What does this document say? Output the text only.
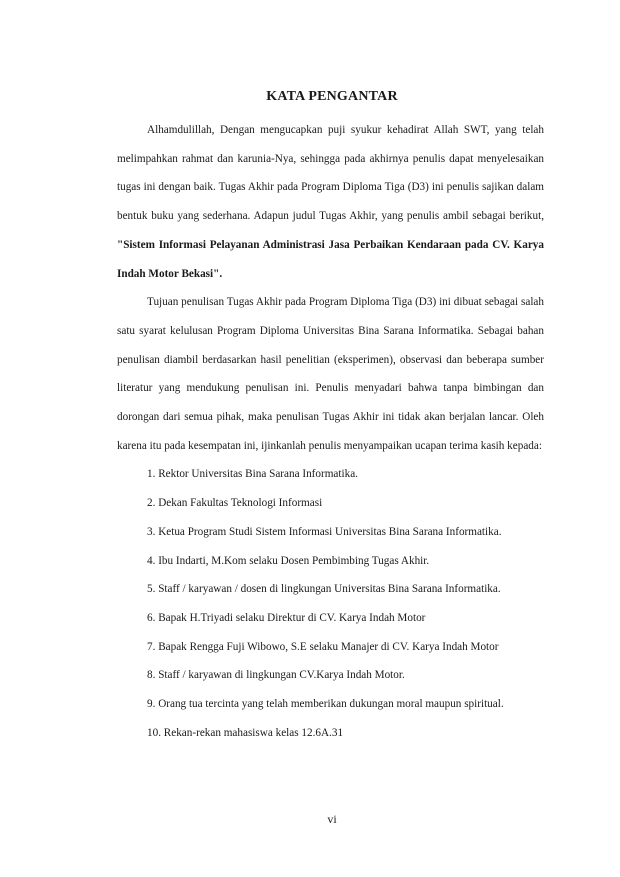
KATA PENGANTAR

Alhamdulillah, Dengan mengucapkan puji syukur kehadirat Allah SWT, yang telah melimpahkan rahmat dan karunia-Nya, sehingga pada akhirnya penulis dapat menyelesaikan tugas ini dengan baik. Tugas Akhir pada Program Diploma Tiga (D3) ini penulis sajikan dalam bentuk buku yang sederhana. Adapun judul Tugas Akhir, yang penulis ambil sebagai berikut, "Sistem Informasi Pelayanan Administrasi Jasa Perbaikan Kendaraan pada CV. Karya Indah Motor Bekasi".

Tujuan penulisan Tugas Akhir pada Program Diploma Tiga (D3) ini dibuat sebagai salah satu syarat kelulusan Program Diploma Universitas Bina Sarana Informatika. Sebagai bahan penulisan diambil berdasarkan hasil penelitian (eksperimen), observasi dan beberapa sumber literatur yang mendukung penulisan ini. Penulis menyadari bahwa tanpa bimbingan dan dorongan dari semua pihak, maka penulisan Tugas Akhir ini tidak akan berjalan lancar. Oleh karena itu pada kesempatan ini, ijinkanlah penulis menyampaikan ucapan terima kasih kepada:

1. Rektor Universitas Bina Sarana Informatika.
2. Dekan Fakultas Teknologi Informasi
3. Ketua Program Studi Sistem Informasi Universitas Bina Sarana Informatika.
4. Ibu Indarti, M.Kom selaku Dosen Pembimbing Tugas Akhir.
5. Staff / karyawan / dosen di lingkungan Universitas Bina Sarana Informatika.
6. Bapak H.Triyadi selaku Direktur di CV. Karya Indah Motor
7. Bapak Rengga Fuji Wibowo, S.E selaku Manajer di CV. Karya Indah Motor
8. Staff / karyawan di lingkungan CV.Karya Indah Motor.
9. Orang tua tercinta yang telah memberikan dukungan moral maupun spiritual.
10. Rekan-rekan mahasiswa kelas 12.6A.31
vi
